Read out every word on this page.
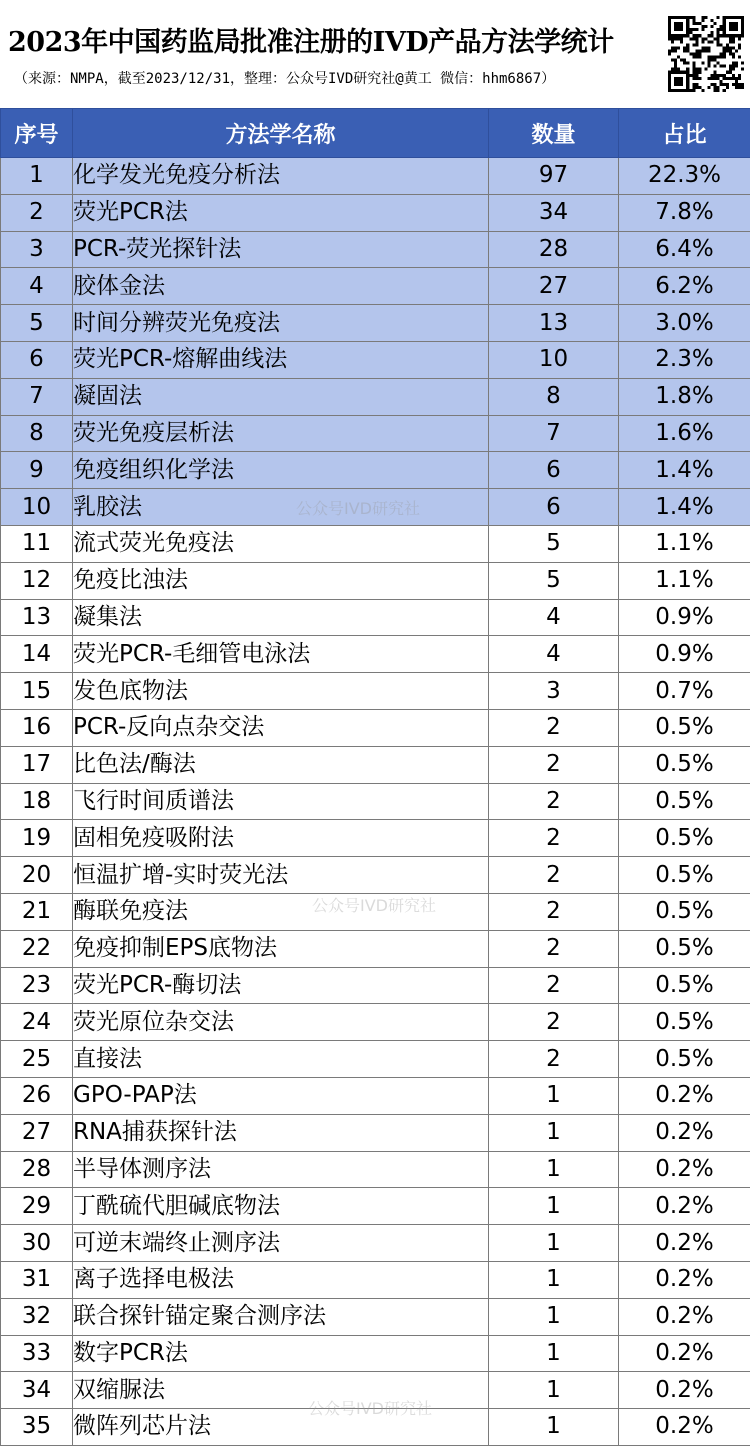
2023年中国药监局批准注册的IVD产品方法学统计
（来源：NMPA，截至2023/12/31，整理：公众号IVD研究社@黄工 微信：hhm6867）
序号	方法学名称	数量	占比
1	化学发光免疫分析法	97	22.3%
2	荧光PCR法	34	7.8%
3	PCR-荧光探针法	28	6.4%
4	胶体金法	27	6.2%
5	时间分辨荧光免疫法	13	3.0%
6	荧光PCR-熔解曲线法	10	2.3%
7	凝固法	8	1.8%
8	荧光免疫层析法	7	1.6%
9	免疫组织化学法	6	1.4%
10	乳胶法	6	1.4%
11	流式荧光免疫法	5	1.1%
12	免疫比浊法	5	1.1%
13	凝集法	4	0.9%
14	荧光PCR-毛细管电泳法	4	0.9%
15	发色底物法	3	0.7%
16	PCR-反向点杂交法	2	0.5%
17	比色法/酶法	2	0.5%
18	飞行时间质谱法	2	0.5%
19	固相免疫吸附法	2	0.5%
20	恒温扩增-实时荧光法	2	0.5%
21	酶联免疫法	2	0.5%
22	免疫抑制EPS底物法	2	0.5%
23	荧光PCR-酶切法	2	0.5%
24	荧光原位杂交法	2	0.5%
25	直接法	2	0.5%
26	GPO-PAP法	1	0.2%
27	RNA捕获探针法	1	0.2%
28	半导体测序法	1	0.2%
29	丁酰硫代胆碱底物法	1	0.2%
30	可逆末端终止测序法	1	0.2%
31	离子选择电极法	1	0.2%
32	联合探针锚定聚合测序法	1	0.2%
33	数字PCR法	1	0.2%
34	双缩脲法	1	0.2%
35	微阵列芯片法	1	0.2%
公众号IVD研究社
公众号IVD研究社
公众号IVD研究社
